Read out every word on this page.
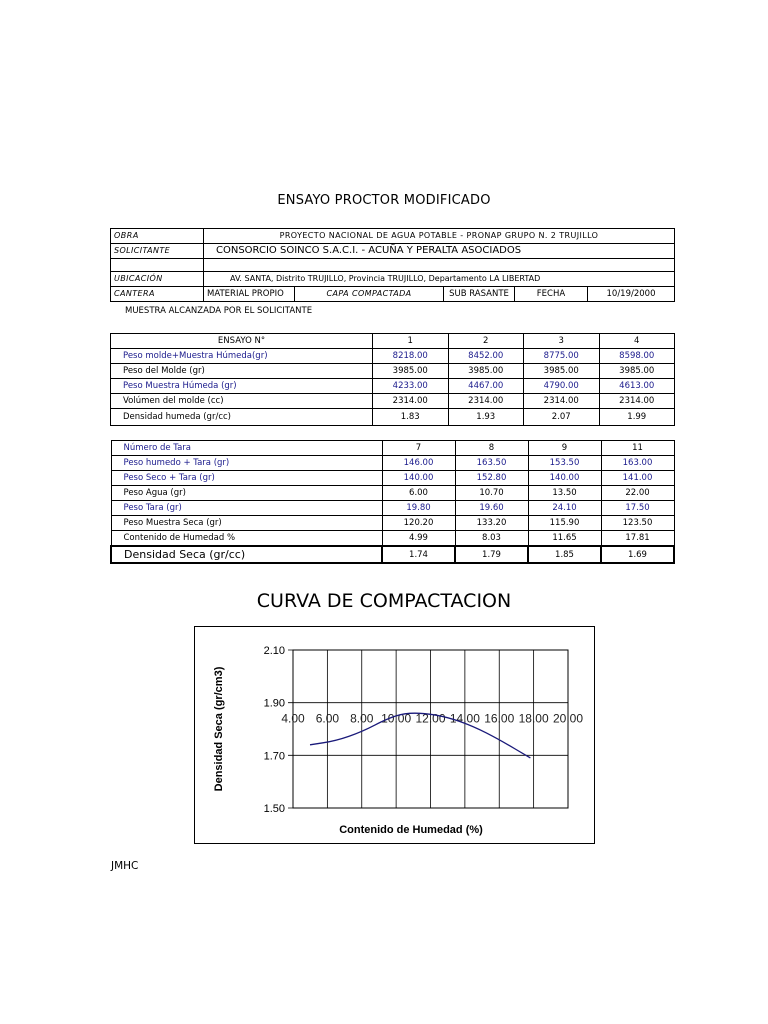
ENSAYO PROCTOR MODIFICADO
OBRA	PROYECTO NACIONAL DE AGUA POTABLE - PRONAP GRUPO N. 2 TRUJILLO				
SOLICITANTE	CONSORCIO SOINCO S.A.C.I. - ACUÑA Y PERALTA ASOCIADOS				

UBICACIÓN	AV. SANTA, Distrito TRUJILLO, Provincia TRUJILLO, Departamento LA LIBERTAD				
CANTERA	MATERIAL PROPIO	CAPA COMPACTADA	SUB RASANTE	FECHA	10/19/2000
MUESTRA ALCANZADA POR EL SOLICITANTE
ENSAYO N°	1	2	3	4
Peso molde+Muestra Húmeda(gr)	8218.00	8452.00	8775.00	8598.00
Peso del Molde (gr)	3985.00	3985.00	3985.00	3985.00
Peso Muestra Húmeda (gr)	4233.00	4467.00	4790.00	4613.00
Volúmen del molde (cc)	2314.00	2314.00	2314.00	2314.00
Densidad humeda (gr/cc)	1.83	1.93	2.07	1.99
Número de Tara	7	8	9	11
Peso humedo + Tara (gr)	146.00	163.50	153.50	163.00
Peso Seco + Tara (gr)	140.00	152.80	140.00	141.00
Peso Agua (gr)	6.00	10.70	13.50	22.00
Peso Tara (gr)	19.80	19.60	24.10	17.50
Peso Muestra Seca (gr)	120.20	133.20	115.90	123.50
Contenido de Humedad %	4.99	8.03	11.65	17.81
Densidad Seca (gr/cc)	1.74	1.79	1.85	1.69
CURVA DE COMPACTACION
2.10
1.90
1.70
1.50
4.00 6.00 8.00 10.00 12.00 14.00 16.00 18.00 20.00
Densidad Seca (gr/cm3)
Contenido de Humedad (%)
JMHC
